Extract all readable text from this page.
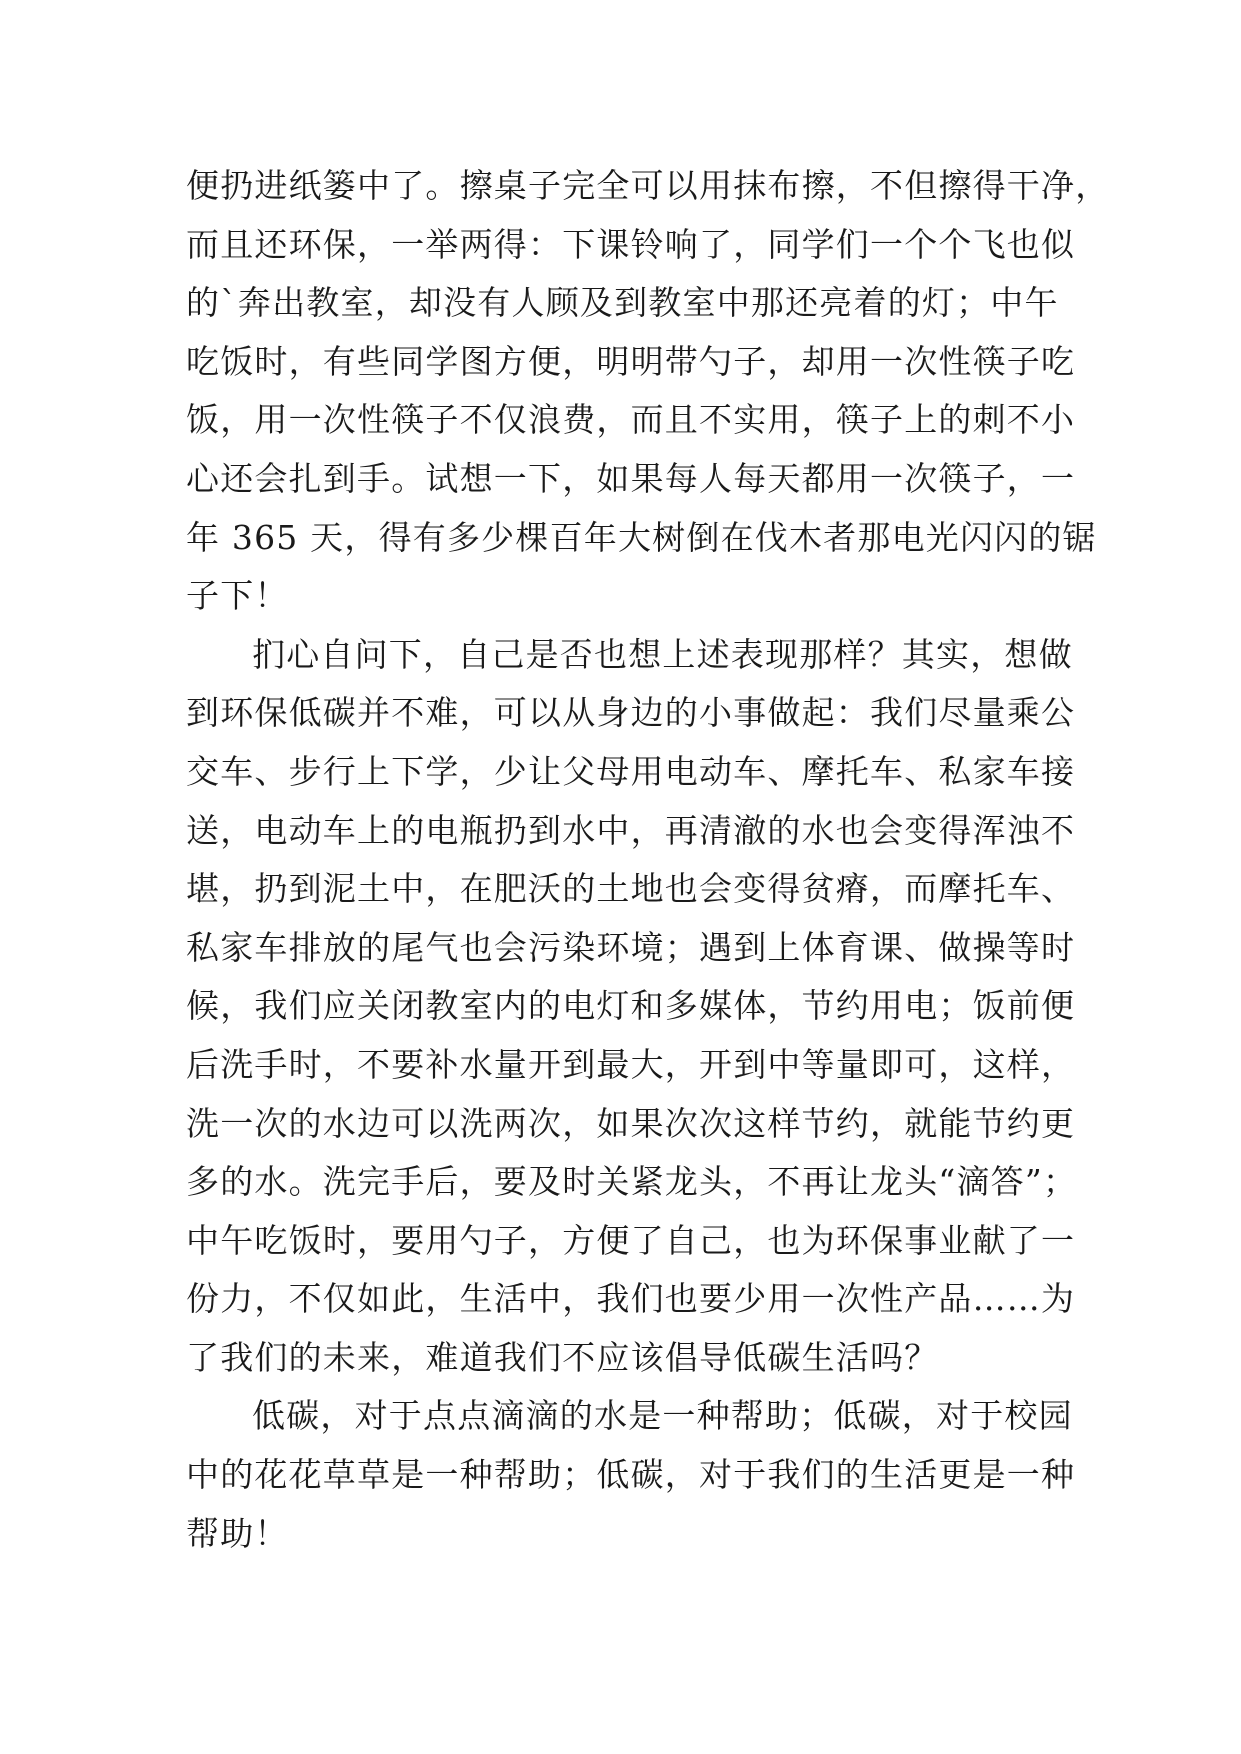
便扔进纸篓中了。擦桌子完全可以用抹布擦，不但擦得干净，
而且还环保，一举两得：下课铃响了，同学们一个个飞也似
的`奔出教室，却没有人顾及到教室中那还亮着的灯；中午
吃饭时，有些同学图方便，明明带勺子，却用一次性筷子吃
饭，用一次性筷子不仅浪费，而且不实用，筷子上的刺不小
心还会扎到手。试想一下，如果每人每天都用一次筷子，一
年 365 天，得有多少棵百年大树倒在伐木者那电光闪闪的锯
子下！
扪心自问下，自己是否也想上述表现那样？其实，想做
到环保低碳并不难，可以从身边的小事做起：我们尽量乘公
交车、步行上下学，少让父母用电动车、摩托车、私家车接
送，电动车上的电瓶扔到水中，再清澈的水也会变得浑浊不
堪，扔到泥土中，在肥沃的土地也会变得贫瘠，而摩托车、
私家车排放的尾气也会污染环境；遇到上体育课、做操等时
候，我们应关闭教室内的电灯和多媒体，节约用电；饭前便
后洗手时，不要补水量开到最大，开到中等量即可，这样，
洗一次的水边可以洗两次，如果次次这样节约，就能节约更
多的水。洗完手后，要及时关紧龙头，不再让龙头“滴答”；
中午吃饭时，要用勺子，方便了自己，也为环保事业献了一
份力，不仅如此，生活中，我们也要少用一次性产品……为
了我们的未来，难道我们不应该倡导低碳生活吗？
低碳，对于点点滴滴的水是一种帮助；低碳，对于校园
中的花花草草是一种帮助；低碳，对于我们的生活更是一种
帮助！
